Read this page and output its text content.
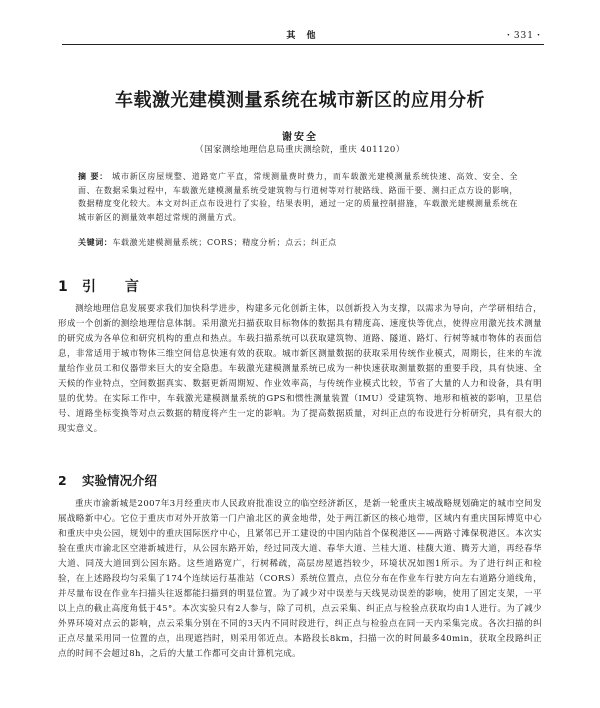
其 他	・331・
车载激光建模测量系统在城市新区的应用分析
谢安全
（国家测绘地理信息局重庆测绘院，重庆 401120）
摘 要： 城市新区房屋规整、道路宽广平直，常规测量费时费力，而车载激光建模测量系统快速、高效、安全、全面、在数据采集过程中，车载激光建模测量系统受建筑物与行道树等对行驶路线、路面干要、测扫正点方设的影响，数据精度变化较大。本文对纠正点布设进行了实验，结果表明，通过一定的质量控制措施，车载激光建模测量系统在城市新区的测量效率超过常规的测量方式。
关键词：车载激光建模测量系统；CORS；精度分析；点云；纠正点
1 引 言
测绘地理信息发展要求我们加快科学进步，构建多元化创新主体，以创新投入为支撑，以需求为导向，产学研相结合，形成一个创新的测绘地理信息体制。采用激光扫描获取目标物体的数据具有精度高、速度快等优点，使得应用激光技术测量的研究成为各单位和研究机构的重点和热点。车载扫描系统可以获取建筑物、道路、隧道、路灯、行树等城市物体的表面信息，非常适用于城市物体三维空间信息快速有效的获取。城市新区测量数据的获取采用传统作业模式，周期长，往来的车流量给作业员工和仪器带来巨大的安全隐患。车载激光建模测量系统已成为一种快速获取测量数据的重要手段，具有快速、全天候的作业特点，空间数据真实、数据更新周期短、作业效率高，与传统作业模式比较，节省了大量的人力和设备，具有明显的优势。在实际工作中，车载激光建模测量系统的GPS和惯性测量装置（IMU）受建筑物、地形和植被的影响，卫星信号、道路坐标变换等对点云数据的精度将产生一定的影响。为了提高数据质量，对纠正点的布设进行分析研究，具有很大的现实意义。
2 实验情况介绍
重庆市渝新城是2007年3月经重庆市人民政府批准设立的临空经济新区，是新一轮重庆主城战略规划确定的城市空间发展战略新中心。它位于重庆市对外开放第一门户渝北区的黄金地带，处于两江新区的核心地带，区域内有重庆国际博览中心和重庆中央公园，规划中的重庆国际医疗中心，且紧邻已开工建设的中国内陆首个保税港区——两路寸滩保税港区。本次实验在重庆市渝北区空港新城进行，从公园东路开始，经过同茂大道、春华大道、兰桂大道、桂馥大道、腾芳大道，再经春华大道、同茂大道回到公园东路。这些道路宽广，行树稀疏，高层房屋遮挡较少，环境状况如图1所示。为了进行纠正和检验，在上述路段均匀采集了174个连续运行基准站（CORS）系统位置点，点位分布在作业车行驶方向左右道路分道线角，并尽量布设在作业车扫描头往返都能扫描到的明显位置。为了减少对中误差与天线晃动误差的影响，使用了固定支架，一平以上点的截止高度角低于45°。本次实验只有2人参与，除了司机，点云采集、纠正点与检验点获取均由1人进行。为了减少外界环境对点云的影响，点云采集分别在不同的3天内不同时段进行，纠正点与检验点在同一天内采集完成。各次扫描的纠正点尽量采用同一位置的点，出现遮挡时，则采用邻近点。本路段长8km，扫描一次的时间最多40min，获取全段路纠正点的时间不会超过8h，之后的大量工作都可交由计算机完成。
